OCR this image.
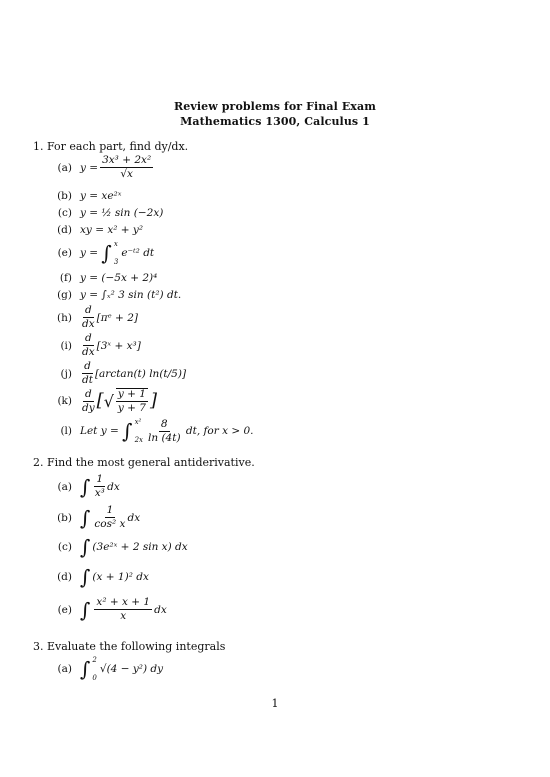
Review problems for Final Exam
Mathematics 1300, Calculus 1
1. For each part, find dy/dx.
(a) $y = \frac{\text{3x³ + 2x²}}{√x}$
(b) y = xe²ˣ
(c) y = ½ sin (−2x)
(d) xy = x² + y²
(e) y =
∫ x
3
e⁻ᵗ² dt
(f) y = (−5x + 2)⁴
(g) y = ∫ₓ² 3 sin (t²) dt.
$(h) \frac{d}{dx}$ [πᵉ + 2]
$(i) \frac{d}{dx}$ [3ˣ + x³]
$(j) \frac{d}{dt} [\arctan(t)$ ln(t/5)]
$(k) \frac{d}{dy}$ [ √ $\frac{y + 1}{y + 7}$ ]
(l) Let y =
∫ x²
$2x \frac{8}{\ln (4t)}$
dt, for x > 0.
2. Find the most general antiderivative.
(a) ∫ $\frac{1}{\text{x³}}$ dx
(b) ∫ $\frac{1}{\text{cos² x}}$ dx
(c) ∫ (3e²ˣ + 2 sin x) dx
(d) ∫ (x + 1)² dx
(e) ∫ $\frac{\text{x² + x + 1}}{x}$ dx
3. Evaluate the following integrals
(a) ∫ 2
0
√(4 − y²) dy
1
